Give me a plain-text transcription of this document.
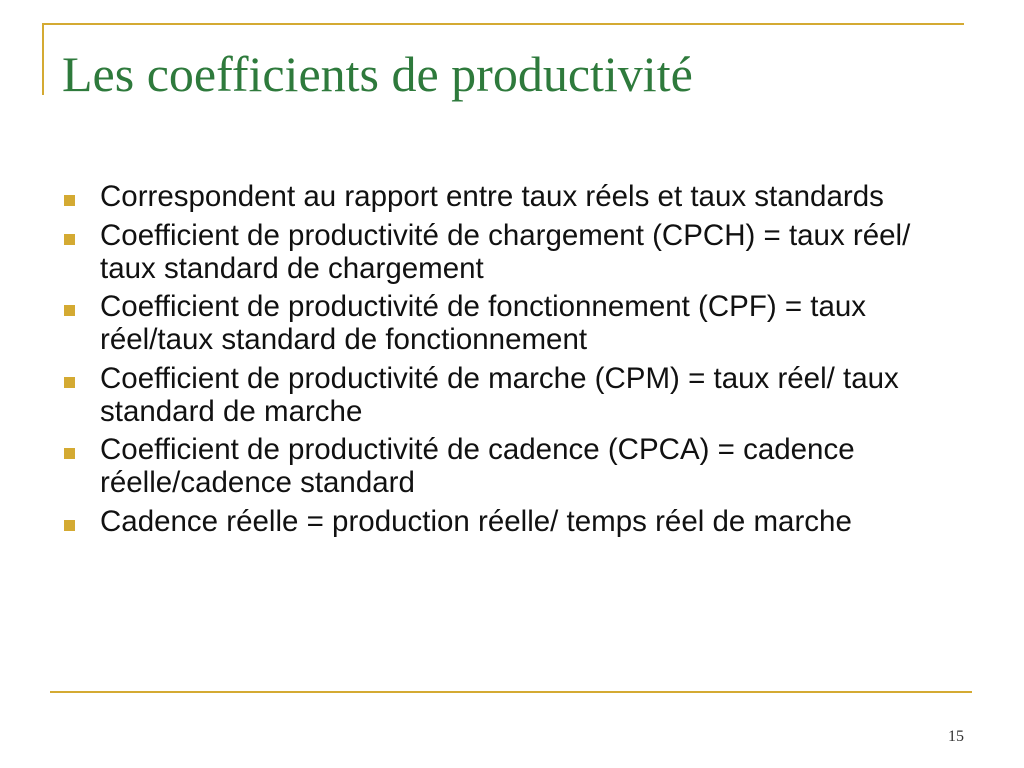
Les coefficients de productivité
Correspondent au rapport entre taux réels et taux standards
Coefficient de productivité de chargement (CPCH) = taux réel/ taux standard de chargement
Coefficient de productivité de fonctionnement (CPF) = taux réel/taux standard de fonctionnement
Coefficient de productivité de marche (CPM) = taux réel/ taux standard de marche
Coefficient de productivité de cadence (CPCA) = cadence réelle/cadence standard
Cadence réelle = production réelle/ temps réel de marche
15
